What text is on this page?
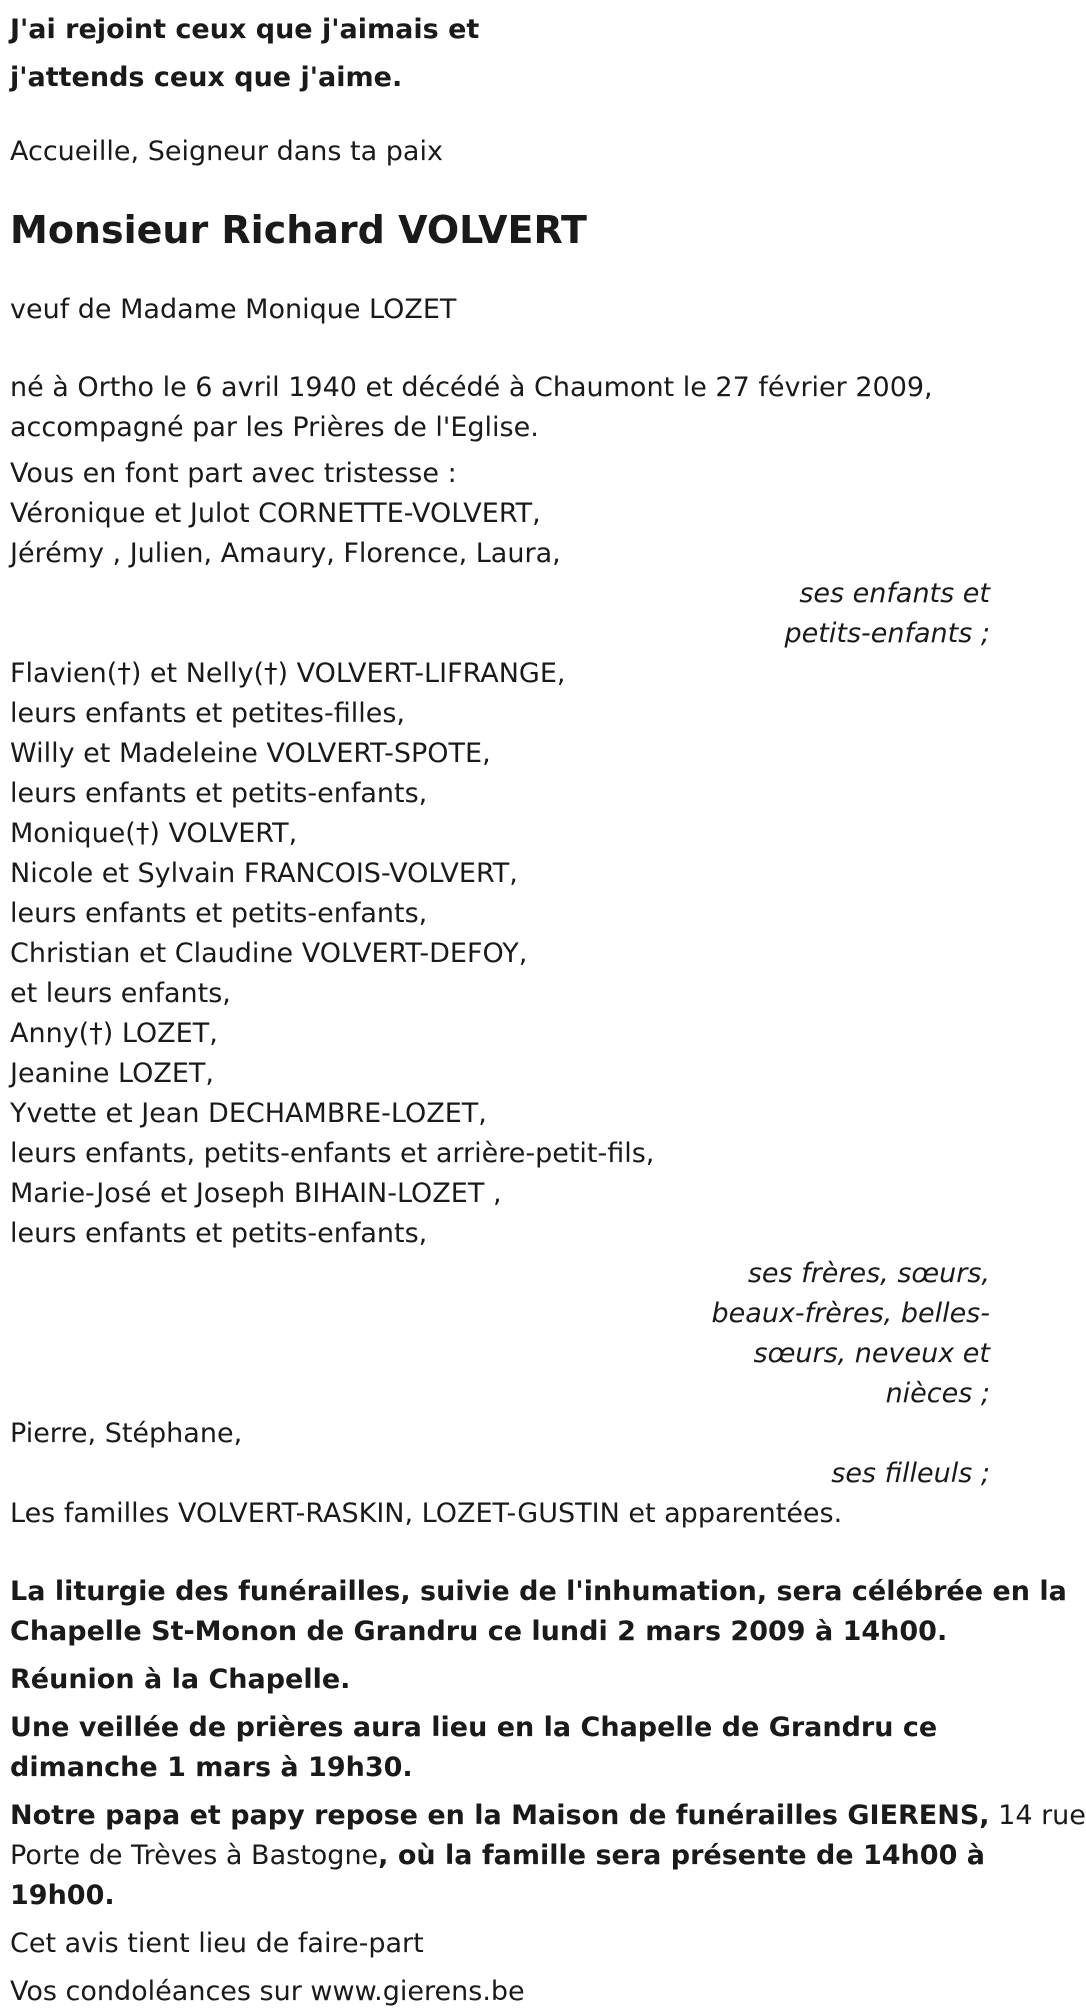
J'ai rejoint ceux que j'aimais et
j'attends ceux que j'aime.
Accueille, Seigneur dans ta paix
Monsieur Richard VOLVERT
veuf de Madame Monique LOZET
né à Ortho le 6 avril 1940 et décédé à Chaumont le 27 février 2009,
accompagné par les Prières de l'Eglise.
Vous en font part avec tristesse :
Véronique et Julot CORNETTE-VOLVERT,
Jérémy , Julien, Amaury, Florence, Laura,
ses enfants et
petits-enfants ;
Flavien(†) et Nelly(†) VOLVERT-LIFRANGE,
leurs enfants et petites-filles,
Willy et Madeleine VOLVERT-SPOTE,
leurs enfants et petits-enfants,
Monique(†) VOLVERT,
Nicole et Sylvain FRANCOIS-VOLVERT,
leurs enfants et petits-enfants,
Christian et Claudine VOLVERT-DEFOY,
et leurs enfants,
Anny(†) LOZET,
Jeanine LOZET,
Yvette et Jean DECHAMBRE-LOZET,
leurs enfants, petits-enfants et arrière-petit-fils,
Marie-José et Joseph BIHAIN-LOZET ,
leurs enfants et petits-enfants,
ses frères, sœurs,
beaux-frères, belles-
sœurs, neveux et
nièces ;
Pierre, Stéphane,
ses filleuls ;
Les familles VOLVERT-RASKIN, LOZET-GUSTIN et apparentées.
La liturgie des funérailles, suivie de l'inhumation, sera célébrée en la
Chapelle St-Monon de Grandru ce lundi 2 mars 2009 à 14h00.
Réunion à la Chapelle.
Une veillée de prières aura lieu en la Chapelle de Grandru ce
dimanche 1 mars à 19h30.
Notre papa et papy repose en la Maison de funérailles GIERENS, 14 rue
Porte de Trèves à Bastogne, où la famille sera présente de 14h00 à
19h00.
Cet avis tient lieu de faire-part
Vos condoléances sur www.gierens.be
